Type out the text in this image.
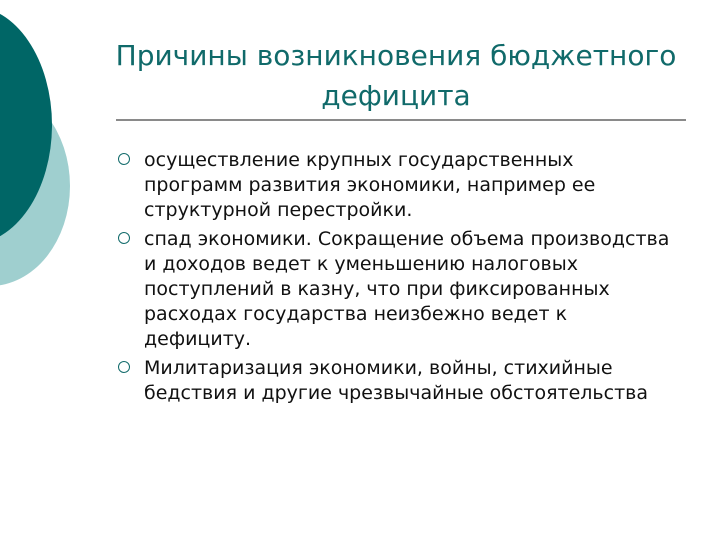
Причины возникновения бюджетного дефицита
осуществление крупных государственных программ развития экономики, например ее структурной перестройки.
спад экономики. Сокращение объема производства и доходов ведет к уменьшению налоговых поступлений в казну, что при фиксированных расходах государства неизбежно ведет к дефициту.
Милитаризация экономики, войны, стихийные бедствия и другие чрезвычайные обстоятельства
